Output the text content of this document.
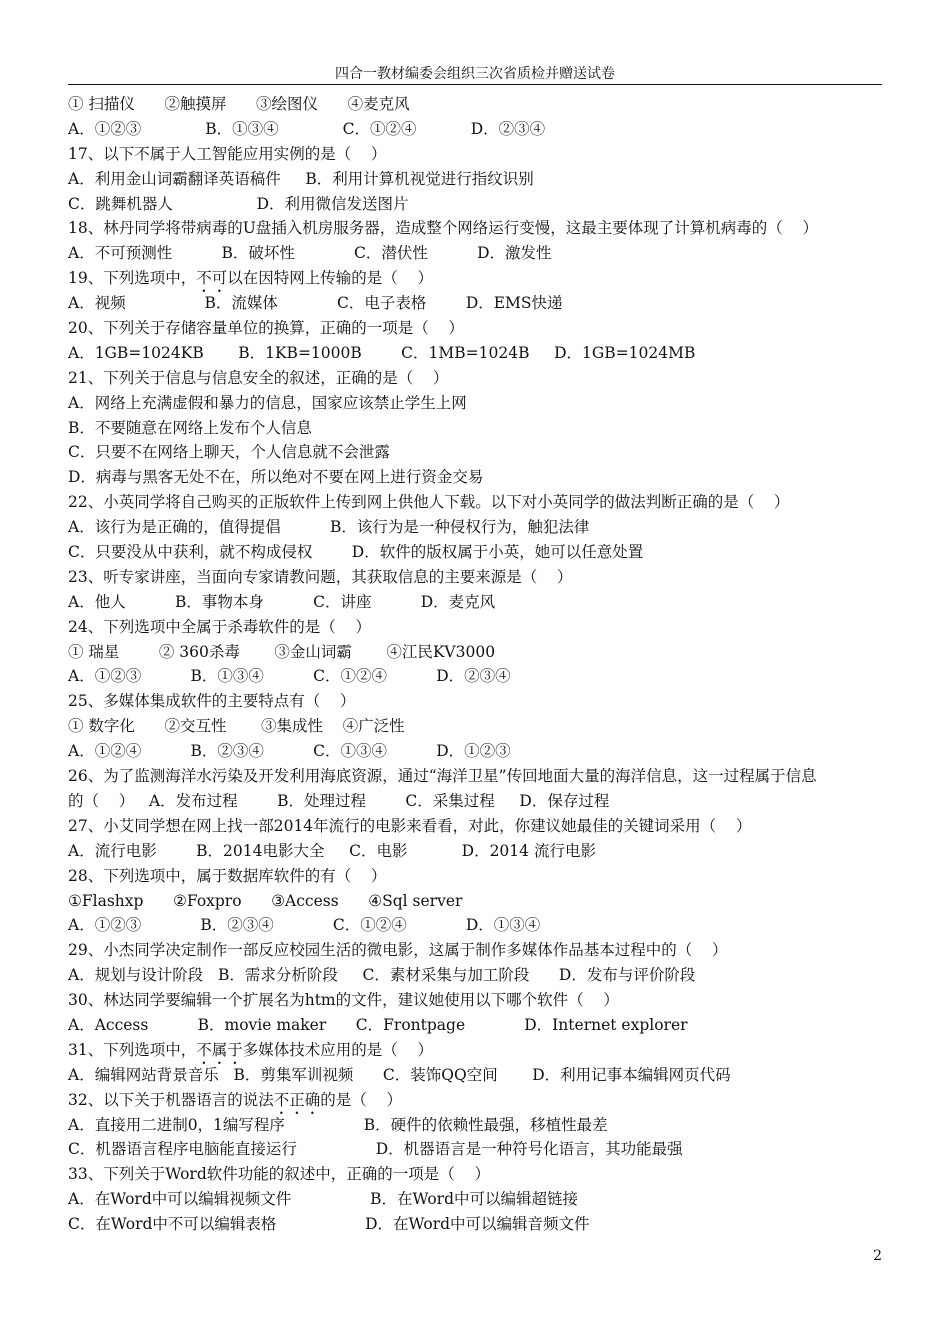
四合一教材编委会组织三次省质检并赠送试卷
① 扫描仪      ②触摸屏      ③绘图仪      ④麦克风
A．①②③             B．①③④             C．①②④           D．②③④
17、以下不属于人工智能应用实例的是（    ）
A．利用金山词霸翻译英语稿件     B．利用计算机视觉进行指纹识别
C．跳舞机器人                 D．利用微信发送图片
18、林丹同学将带病毒的U盘插入机房服务器，造成整个网络运行变慢，这最主要体现了计算机病毒的（    ）
A．不可预测性          B．破坏性            C．潜伏性          D．激发性
19、下列选项中，不可以在因特网上传输的是（    ）
A．视频                B．流媒体            C．电子表格        D．EMS快递
20、下列关于存储容量单位的换算，正确的一项是（    ）
A．1GB=1024KB       B．1KB=1000B        C．1MB=1024B     D．1GB=1024MB
21、下列关于信息与信息安全的叙述，正确的是（    ）
A．网络上充满虚假和暴力的信息，国家应该禁止学生上网
B．不要随意在网络上发布个人信息
C．只要不在网络上聊天，个人信息就不会泄露
D．病毒与黑客无处不在，所以绝对不要在网上进行资金交易
22、小英同学将自己购买的正版软件上传到网上供他人下载。以下对小英同学的做法判断正确的是（    ）
A．该行为是正确的，值得提倡          B．该行为是一种侵权行为，触犯法律
C．只要没从中获利，就不构成侵权        D．软件的版权属于小英，她可以任意处置
23、听专家讲座，当面向专家请教问题，其获取信息的主要来源是（    ）
A．他人          B．事物本身          C．讲座          D．麦克风
24、下列选项中全属于杀毒软件的是（    ）
① 瑞星        ② 360杀毒       ③金山词霸       ④江民KV3000
A．①②③          B．①③④          C．①②④          D．②③④
25、多媒体集成软件的主要特点有（    ）
① 数字化      ②交互性       ③集成性    ④广泛性
A．①②④          B．②③④          C．①③④          D．①②③
26、为了监测海洋水污染及开发利用海底资源，通过“海洋卫星”传回地面大量的海洋信息，这一过程属于信息
的（    ）   A．发布过程        B．处理过程        C．采集过程     D．保存过程
27、小艾同学想在网上找一部2014年流行的电影来看看，对此，你建议她最佳的关键词采用（    ）
A．流行电影        B．2014电影大全     C．电影           D．2014 流行电影
28、下列选项中，属于数据库软件的有（    ）
①Flashxp      ②Foxpro      ③Access      ④Sql server
A．①②③            B．②③④            C．①②④            D．①③④
29、小杰同学决定制作一部反应校园生活的微电影，这属于制作多媒体作品基本过程中的（    ）
A．规划与设计阶段   B．需求分析阶段     C．素材采集与加工阶段      D．发布与评价阶段
30、林达同学要编辑一个扩展名为htm的文件，建议她使用以下哪个软件（    ）
A．Access          B．movie maker      C．Frontpage            D．Internet explorer
31、下列选项中，不属于多媒体技术应用的是（    ）
A．编辑网站背景音乐   B．剪集军训视频      C．装饰QQ空间       D．利用记事本编辑网页代码
32、以下关于机器语言的说法不正确的是（    ）
A．直接用二进制0，1编写程序                B．硬件的依赖性最强，移植性最差
C．机器语言程序电脑能直接运行                D．机器语言是一种符号化语言，其功能最强
33、下列关于Word软件功能的叙述中，正确的一项是（    ）
A．在Word中可以编辑视频文件                B．在Word中可以编辑超链接
C．在Word中不可以编辑表格                  D．在Word中可以编辑音频文件
2
